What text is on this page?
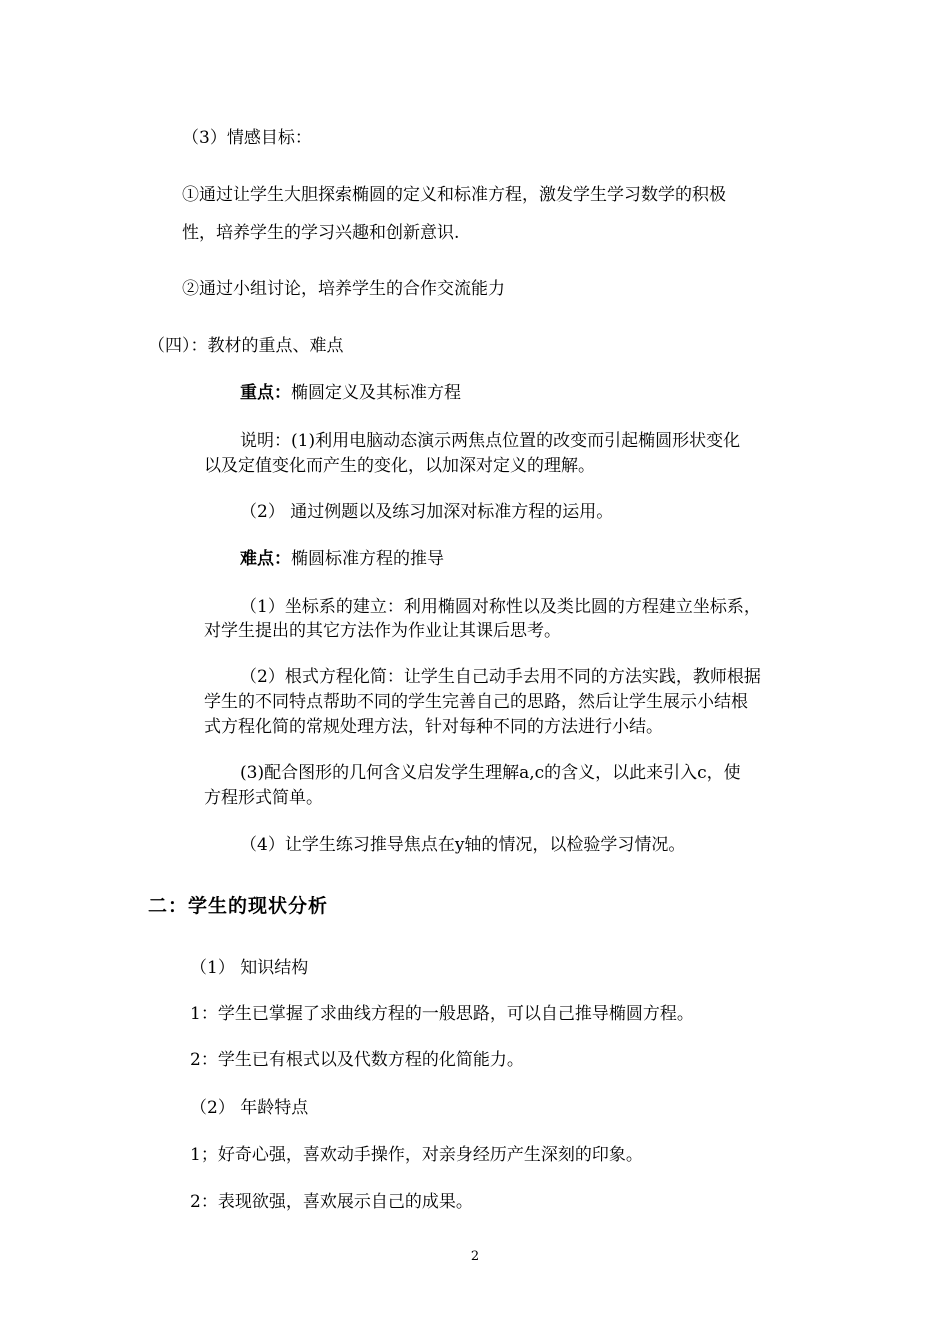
（3）情感目标：
①通过让学生大胆探索椭圆的定义和标准方程，激发学生学习数学的积极
性，培养学生的学习兴趣和创新意识.
②通过小组讨论，培养学生的合作交流能力
（四）：教材的重点、难点
重点：椭圆定义及其标准方程
说明：(1)利用电脑动态演示两焦点位置的改变而引起椭圆形状变化
以及定值变化而产生的变化，以加深对定义的理解。
（2） 通过例题以及练习加深对标准方程的运用。
难点：椭圆标准方程的推导
（1）坐标系的建立：利用椭圆对称性以及类比圆的方程建立坐标系，
对学生提出的其它方法作为作业让其课后思考。
（2）根式方程化简：让学生自己动手去用不同的方法实践，教师根据
学生的不同特点帮助不同的学生完善自己的思路，然后让学生展示小结根
式方程化简的常规处理方法，针对每种不同的方法进行小结。
(3)配合图形的几何含义启发学生理解a,c的含义，以此来引入c，使
方程形式简单。
（4）让学生练习推导焦点在y轴的情况，以检验学习情况。
二：学生的现状分析
（1） 知识结构
1：学生已掌握了求曲线方程的一般思路，可以自己推导椭圆方程。
2：学生已有根式以及代数方程的化简能力。
（2） 年龄特点
1；好奇心强，喜欢动手操作，对亲身经历产生深刻的印象。
2：表现欲强，喜欢展示自己的成果。
2
